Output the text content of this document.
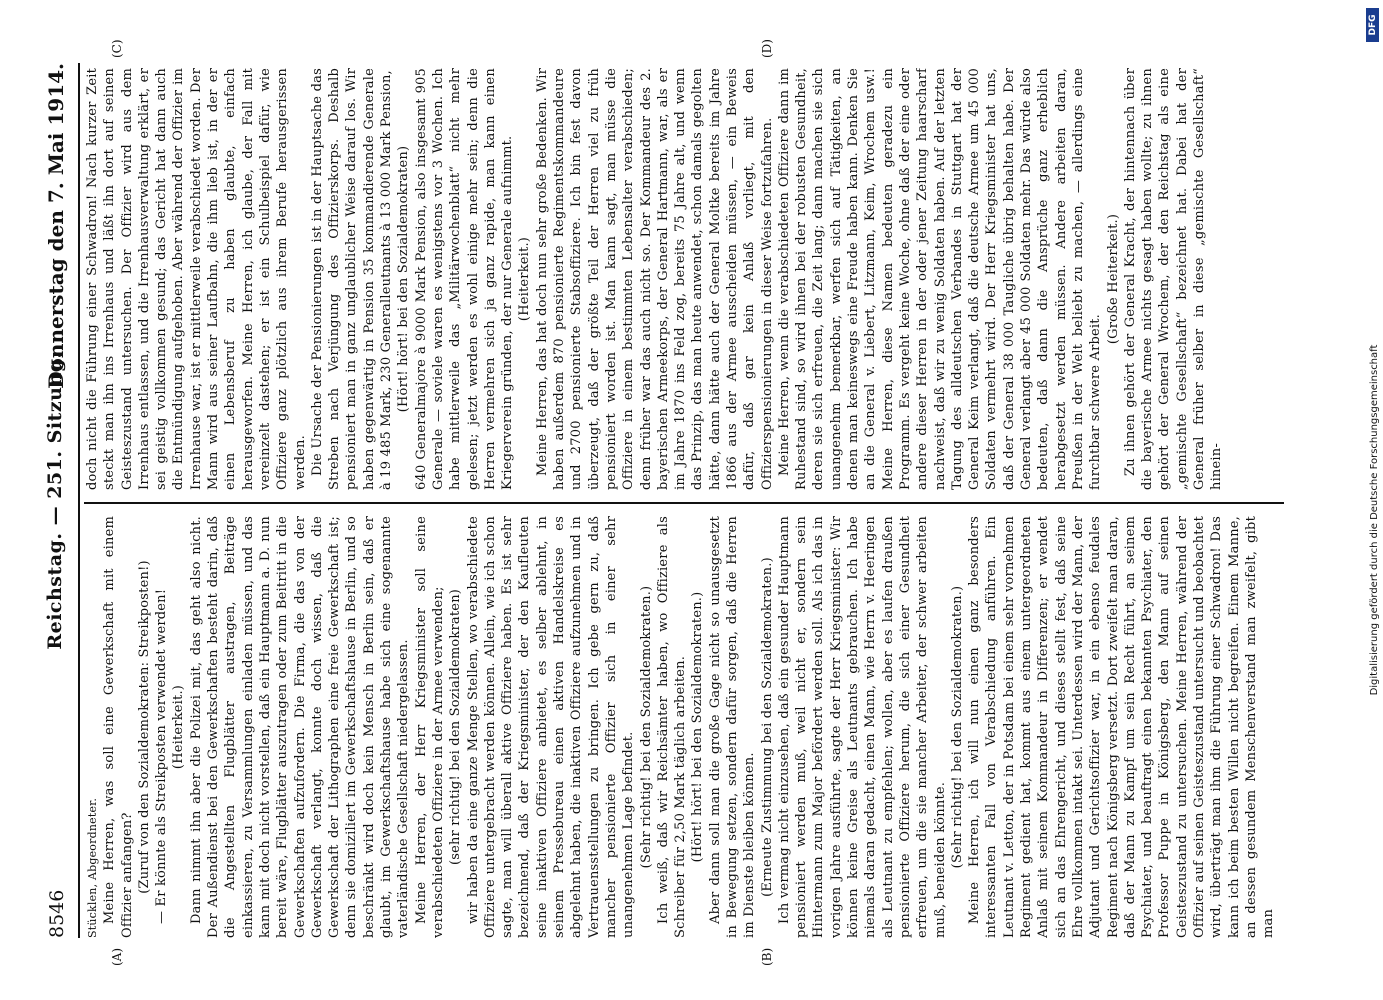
8546
Reichstag. — 251. Sitzung.
Donnerstag den 7. Mai 1914.

Stücklen, Abgeordneter. Meine Herren, was soll eine Gewerkschaft mit einem Offizier anfangen? (Zuruf von den Sozialdemokraten: Streikposten!) — Er könnte als Streikposten verwendet werden! (Heiterkeit.) Dann nimmt ihn aber die Polizei mit, das geht also nicht. Der Außendienst bei den Gewerkschaften besteht darin, daß die Angestellten Flugblätter austragen, Beiträge einkassieren, zu Versammlungen einladen müssen, und das kann mit doch nicht vorstellen, daß ein Hauptmann a. D. nun bereit wäre, Flugblätter auszutragen oder zum Beitritt in die Gewerkschaften aufzufordern. Die Firma, die das von der Gewerkschaft verlangt, konnte doch wissen, daß die Gewerkschaft der Lithographen eine freie Gewerkschaft ist; denn sie domiziliert im Gewerkschaftshause in Berlin, und so beschränkt wird doch kein Mensch in Berlin sein, daß er glaubt, im Gewerkschaftshause habe sich eine sogenannte vaterländische Gesellschaft niedergelassen. Meine Herren, der Herr Kriegsminister soll seine verabschiedeten Offiziere in der Armee verwenden; (sehr richtig! bei den Sozialdemokraten) wir haben da eine ganze Menge Stellen, wo verabschiedete Offiziere untergebracht werden können. Allein, wie ich schon sagte, man will überall aktive Offiziere haben. Es ist sehr bezeichnend, daß der Kriegsminister, der den Kaufleuten seine inaktiven Offiziere anbietet, es selber ablehnt, in seinem Pressebureau einen aktiven Handelskreise es abgelehnt haben, die inaktiven Offiziere aufzunehmen und in Vertrauensstellungen zu bringen. Ich gebe gern zu, daß mancher pensionierte Offizier sich in einer sehr unangenehmen Lage befindet. (Sehr richtig! bei den Sozialdemokraten.) Ich weiß, daß wir Reichsämter haben, wo Offiziere als Schreiber für 2,50 Mark täglich arbeiten. (Hört! hört! bei den Sozialdemokraten.) Aber dann soll man die große Gage nicht so unausgesetzt in Bewegung setzen, sondern dafür sorgen, daß die Herren im Dienste bleiben können. (Erneute Zustimmung bei den Sozialdemokraten.) Ich vermag nicht einzusehen, daß ein gesunder Hauptmann pensioniert werden muß, weil nicht er, sondern sein Hintermann zum Major befördert werden soll. Als ich das in vorigen Jahre ausführte, sagte der Herr Kriegsminister: Wir können keine Greise als Leutnants gebrauchen. Ich habe niemals daran gedacht, einen Mann, wie Herrn v. Heeringen als Leutnant zu empfehlen; wollen, aber es laufen draußen pensionierte Offiziere herum, die sich einer Gesundheit erfreuen, um die sie mancher Arbeiter, der schwer arbeiten muß, beneiden könnte. (Sehr richtig! bei den Sozialdemokraten.) Meine Herren, ich will nun einen ganz besonders interessanten Fall von Verabschiedung anführen. Ein Leutnant v. Letton, der in Potsdam bei einem sehr vornehmen Regiment gedient hat, kommt aus einem untergeordneten Anlaß mit seinem Kommandeur in Differenzen; er wendet sich an das Ehrengericht, und dieses stellt fest, daß seine Ehre vollkommen intakt sei. Unterdessen wird der Mann, der Adjutant und Gerichtsoffizier war, in ein ebenso feudales Regiment nach Königsberg versetzt. Dort zweifelt man daran, daß der Mann zu Kampf um sein Recht führt, an seinem Psychiater, und beauftragt einen bekannten Psychiater, den Professor Puppe in Königsberg, den Mann auf seinen Geisteszustand zu untersuchen. Meine Herren, während der Offizier auf seinen Geisteszustand untersucht und beobachtet wird, überträgt man ihm die Führung einer Schwadron! Das kann ich beim besten Willen nicht begreifen. Einem Manne, an dessen gesundem Menschenverstand man zweifelt, gibt man

doch nicht die Führung einer Schwadron! Nach kurzer Zeit steckt man ihn ins Irrenhaus und läßt ihn dort auf seinen Geisteszustand untersuchen. Der Offizier wird aus dem Irrenhaus entlassen, und die Irrenhausverwaltung erklärt, er sei geistig vollkommen gesund; das Gericht hat dann auch die Entmündigung aufgehoben. Aber während der Offizier im Irrenhause war, ist er mittlerweile verabschiedet worden. Der Mann wird aus seiner Laufbahn, die ihm lieb ist, in der er einen Lebensberuf zu haben glaubte, einfach herausgeworfen. Meine Herren, ich glaube, der Fall mit vereinzelt dastehen; er ist ein Schulbeispiel dafür, wie Offiziere ganz plötzlich aus ihrem Berufe herausgerissen werden. Die Ursache der Pensionierungen ist in der Hauptsache das Streben nach Verjüngung des Offizierskorps. Deshalb pensioniert man in ganz unglaublicher Weise darauf los. Wir haben gegenwärtig in Pension 35 kommandierende Generale à 19 485 Mark, 230 Generalleutnants à 13 000 Mark Pension, (Hört! hört! bei den Sozialdemokraten) 640 Generalmajore à 9000 Mark Pension, also insgesamt 905 Generale — soviele waren es wenigstens vor 3 Wochen. Ich habe mittlerweile das „Militärwochenblatt“ nicht mehr gelesen; jetzt werden es wohl einige mehr sein; denn die Herren vermehren sich ja ganz rapide, man kann einen Kriegerverein gründen, der nur Generale aufnimmt. (Heiterkeit.) Meine Herren, das hat doch nun sehr große Bedenken. Wir haben außerdem 870 pensionierte Regimentskommandeure und 2700 pensionierte Stabsoffiziere. Ich bin fest davon überzeugt, daß der größte Teil der Herren viel zu früh pensioniert worden ist. Man kann sagt, man müsse die Offiziere in einem bestimmten Lebensalter verabschieden; denn früher war das auch nicht so. Der Kommandeur des 2. bayerischen Armeekorps, der General Hartmann, war, als er im Jahre 1870 ins Feld zog, bereits 75 Jahre alt, und wenn das Prinzip, das man heute anwendet, schon damals gegolten hätte, dann hätte auch der General Moltke bereits im Jahre 1866 aus der Armee ausscheiden müssen, — ein Beweis dafür, daß gar kein Anlaß vorliegt, mit den Offizierspensionierungen in dieser Weise fortzufahren. Meine Herren, wenn die verabschiedeten Offiziere dann im Ruhestand sind, so wird ihnen bei der robusten Gesundheit, deren sie sich erfreuen, die Zeit lang; dann machen sie sich unangenehm bemerkbar, werfen sich auf Tätigkeiten, an denen man keineswegs eine Freude haben kann. Denken Sie an die General v. Liebert, Litzmann, Keim, Wrochem usw.! Meine Herren, diese Namen bedeuten geradezu ein Programm. Es vergeht keine Woche, ohne daß der eine oder andere dieser Herren in der oder jener Zeitung haarscharf nachweist, daß wir zu wenig Soldaten haben. Auf der letzten Tagung des alldeutschen Verbandes in Stuttgart hat der General Keim verlangt, daß die deutsche Armee um 45 000 Soldaten vermehrt wird. Der Herr Kriegsminister hat uns, daß der General 38 000 Taugliche übrig behalten habe. Der General verlangt aber 45 000 Soldaten mehr. Das würde also bedeuten, daß dann die Ansprüche ganz erheblich herabgesetzt werden müssen. Andere arbeiten daran, Preußen in der Welt beliebt zu machen, — allerdings eine furchtbar schwere Arbeit.

(Große Heiterkeit.) Zu ihnen gehört der General Kracht, der hintennach über die bayerische Armee nichts gesagt haben wollte; zu ihnen gehört der General Wrochem, der den Reichstag als eine „gemischte Gesellschaft“ bezeichnet hat. Dabei hat der General früher selber in diese „gemischte Gesellschaft“ hinein-

(A)	(B)
(C)	(D)
DFG
Digitalisierung gefördert durch die Deutsche Forschungsgemeinschaft
